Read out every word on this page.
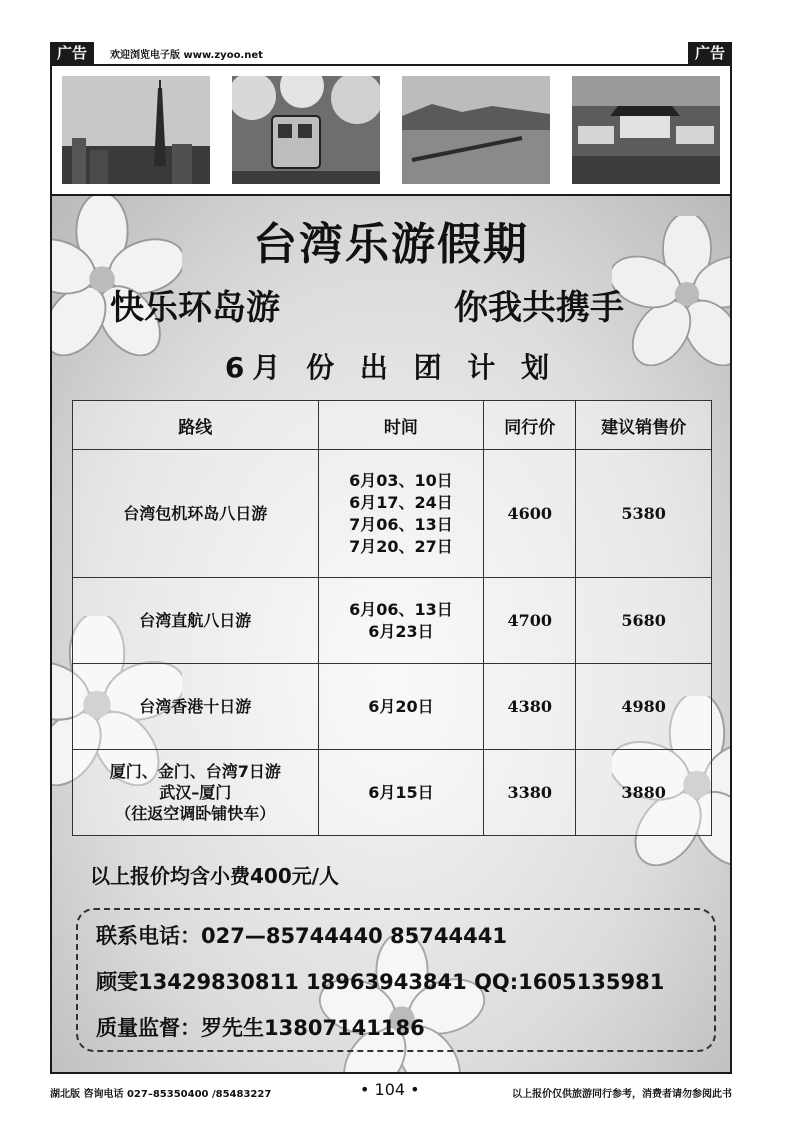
广告	欢迎浏览电子版 www.zyoo.net	广告
台湾乐游假期
快乐环岛游	你我共携手
6月 份 出 团 计 划
路线	时间	同行价	建议销售价

台湾包机环岛八日游	6月03、10日
6月17、24日
7月06、13日
7月20、27日	4600	5380

台湾直航八日游	6月06、13日
6月23日	4700	5680

台湾香港十日游	6月20日	4380	4980

厦门、金门、台湾7日游
武汉–厦门
（往返空调卧铺快车）	6月15日	3380	3880
以上报价均含小费400元/人
联系电话：027—85744440 85744441
顾雯13429830811 18963943841 QQ:1605135981
质量监督：罗先生13807141186
湖北版 咨询电话 027–85350400 /85483227	• 104 •	以上报价仅供旅游同行参考，消费者请勿参阅此书
